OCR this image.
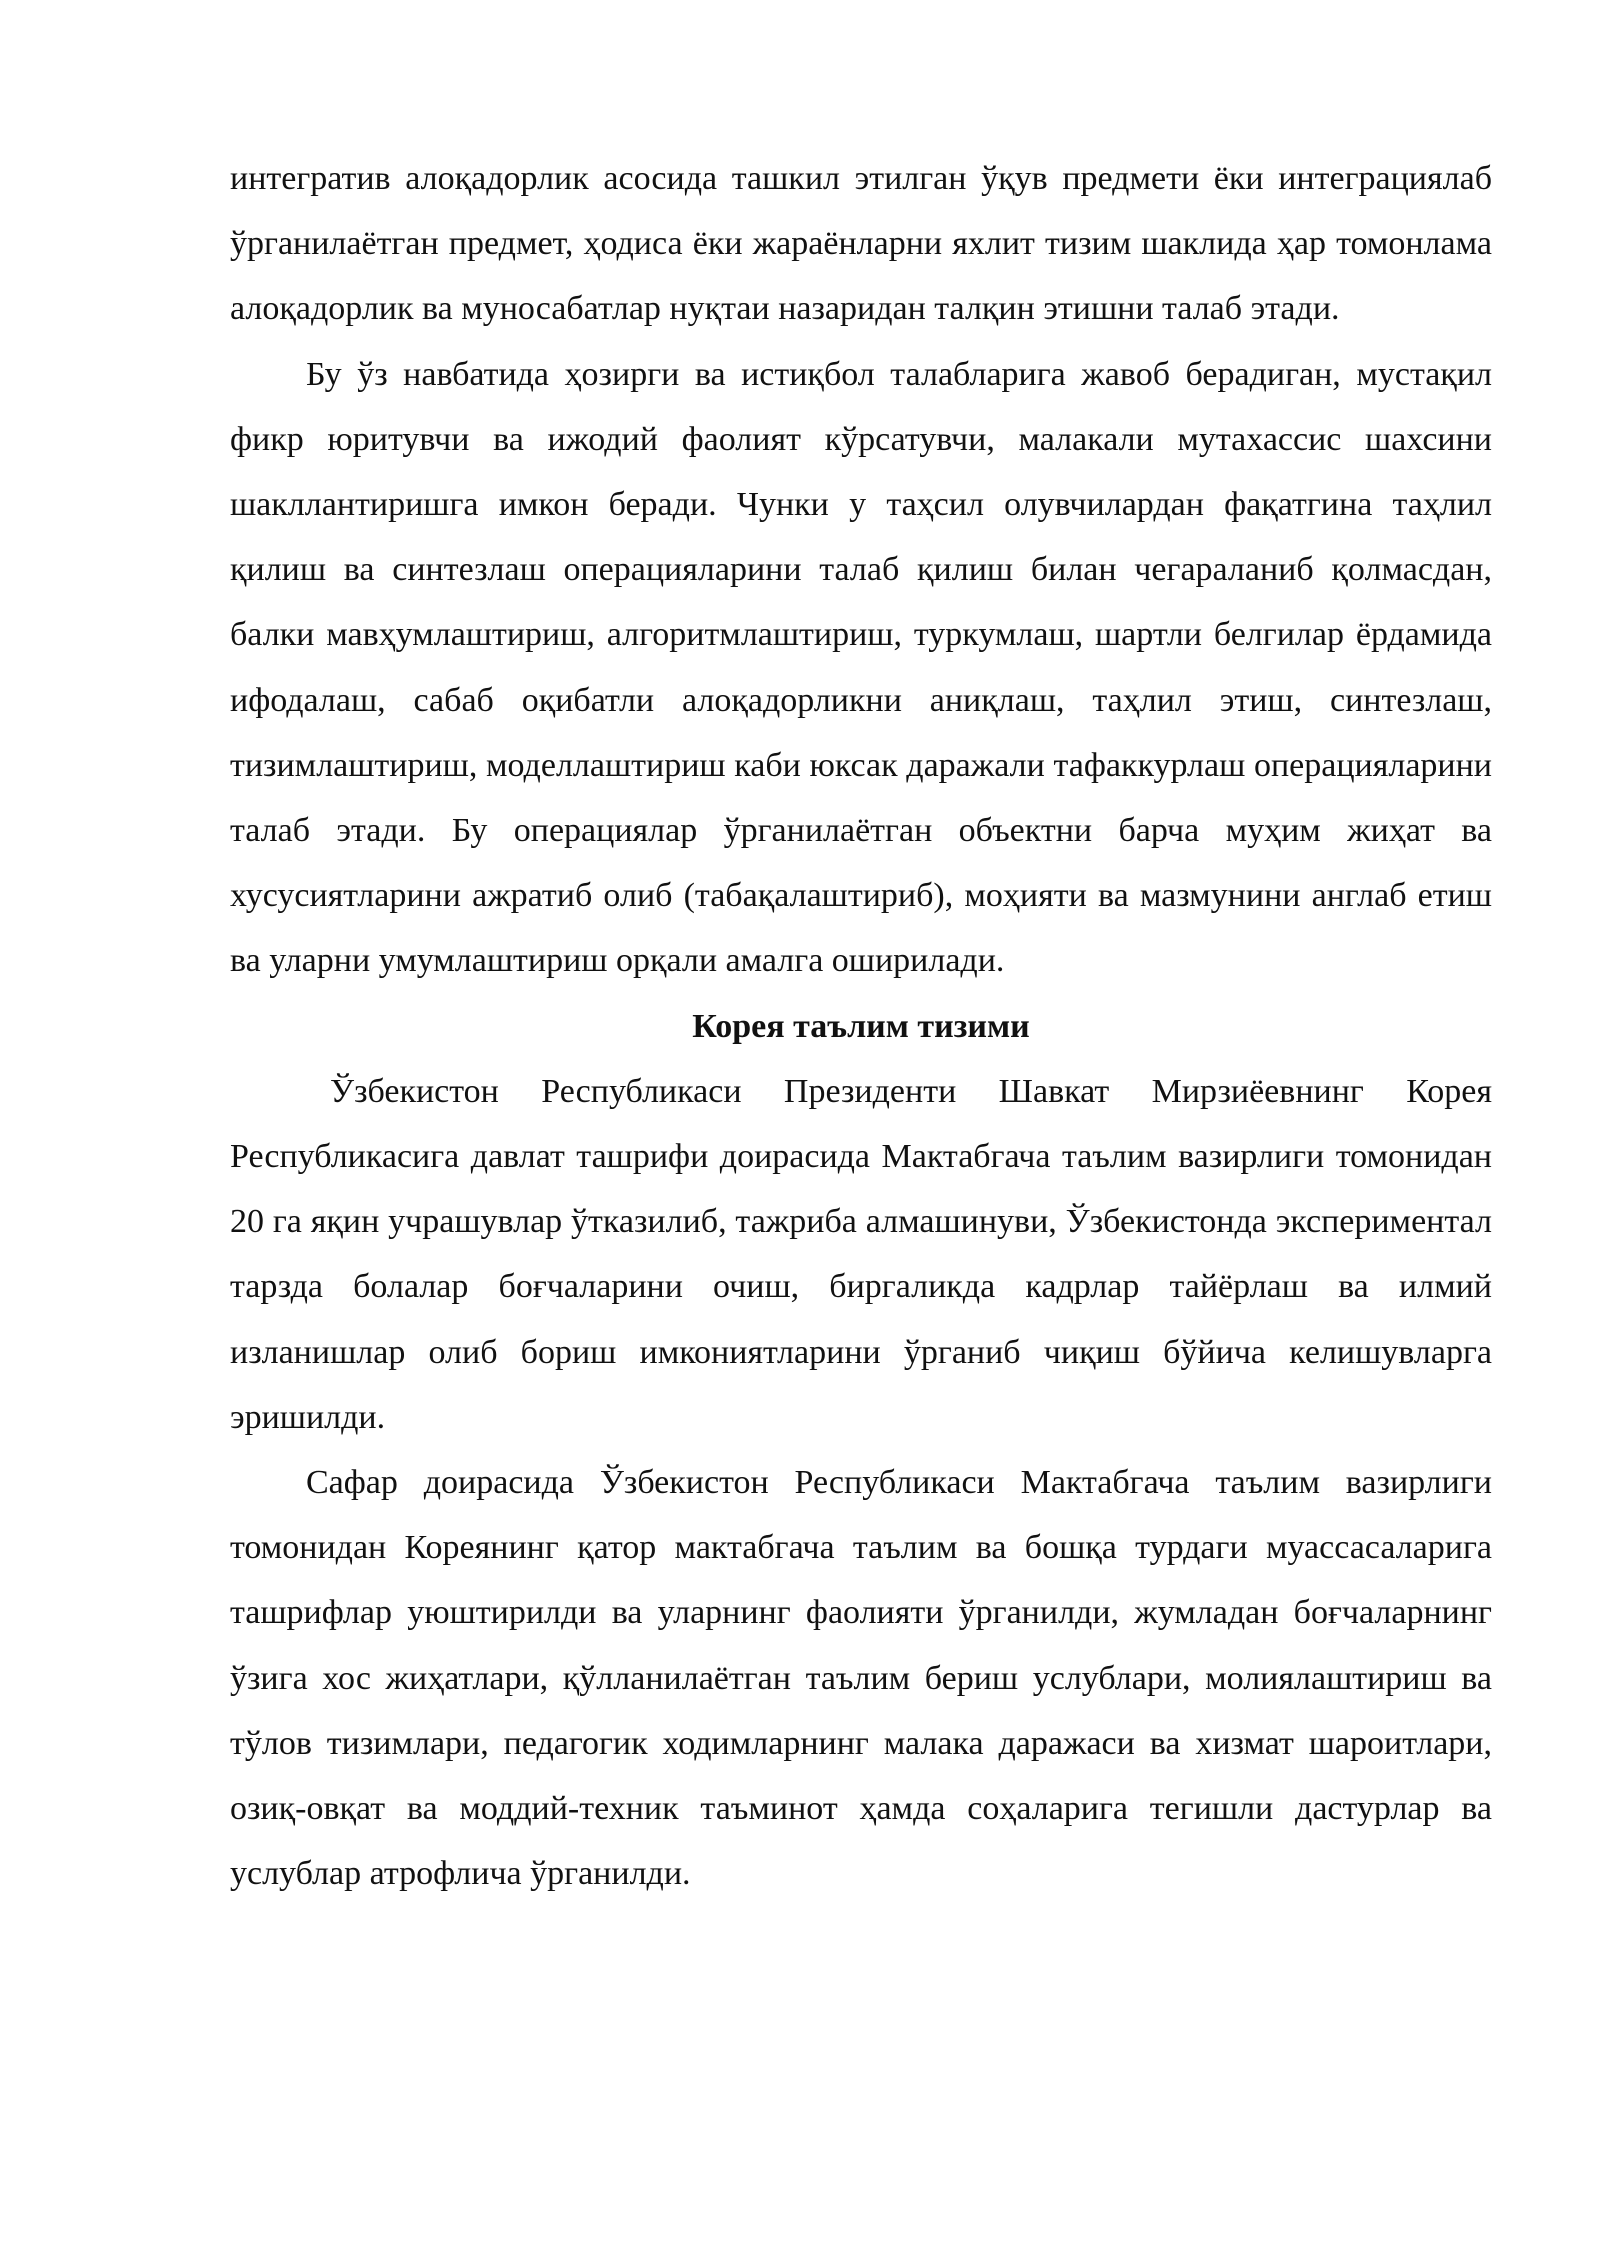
интегратив алоқадорлик асосида ташкил этилган ўқув предмети ёки интеграциялаб ўрганилаётган предмет, ҳодиса ёки жараёнларни яхлит тизим шаклида ҳар томонлама алоқадорлик ва муносабатлар нуқтаи назаридан талқин этишни талаб этади.

Бу ўз навбатида ҳозирги ва истиқбол талабларига жавоб берадиган, мустақил фикр юритувчи ва ижодий фаолият кўрсатувчи, малакали мутахассис шахсини шакллантиришга имкон беради. Чунки у таҳсил олувчилардан фақатгина таҳлил қилиш ва синтезлаш операцияларини талаб қилиш билан чегараланиб қолмасдан, балки мавҳумлаштириш, алгоритмлаштириш, туркумлаш, шартли белгилар ёрдамида ифодалаш, сабаб оқибатли алоқадорликни аниқлаш, таҳлил этиш, синтезлаш, тизимлаштириш, моделлаштириш каби юксак даражали тафаккурлаш операцияларини талаб этади. Бу операциялар ўрганилаётган объектни барча муҳим жиҳат ва хусусиятларини ажратиб олиб (табақалаштириб), моҳияти ва мазмунини англаб етиш ва уларни умумлаштириш орқали амалга оширилади.

Корея таълим тизими

Ўзбекистон Республикаси Президенти Шавкат Мирзиёевнинг Корея Республикасига давлат ташрифи доирасида Мактабгача таълим вазирлиги томонидан 20 га яқин учрашувлар ўтказилиб, тажриба алмашинуви, Ўзбекистонда экспериментал тарзда болалар боғчаларини очиш, биргаликда кадрлар тайёрлаш ва илмий изланишлар олиб бориш имкониятларини ўрганиб чиқиш бўйича келишувларга эришилди.

Сафар доирасида Ўзбекистон Республикаси Мактабгача таълим вазирлиги томонидан Кореянинг қатор мактабгача таълим ва бошқа турдаги муассасаларига ташрифлар уюштирилди ва уларнинг фаолияти ўрганилди, жумладан боғчаларнинг ўзига хос жиҳатлари, қўлланилаётган таълим бериш услублари, молиялаштириш ва тўлов тизимлари, педагогик ходимларнинг малака даражаси ва хизмат шароитлари, озиқ-овқат ва моддий-техник таъминот ҳамда соҳаларига тегишли дастурлар ва услублар атрофлича ўрганилди.
